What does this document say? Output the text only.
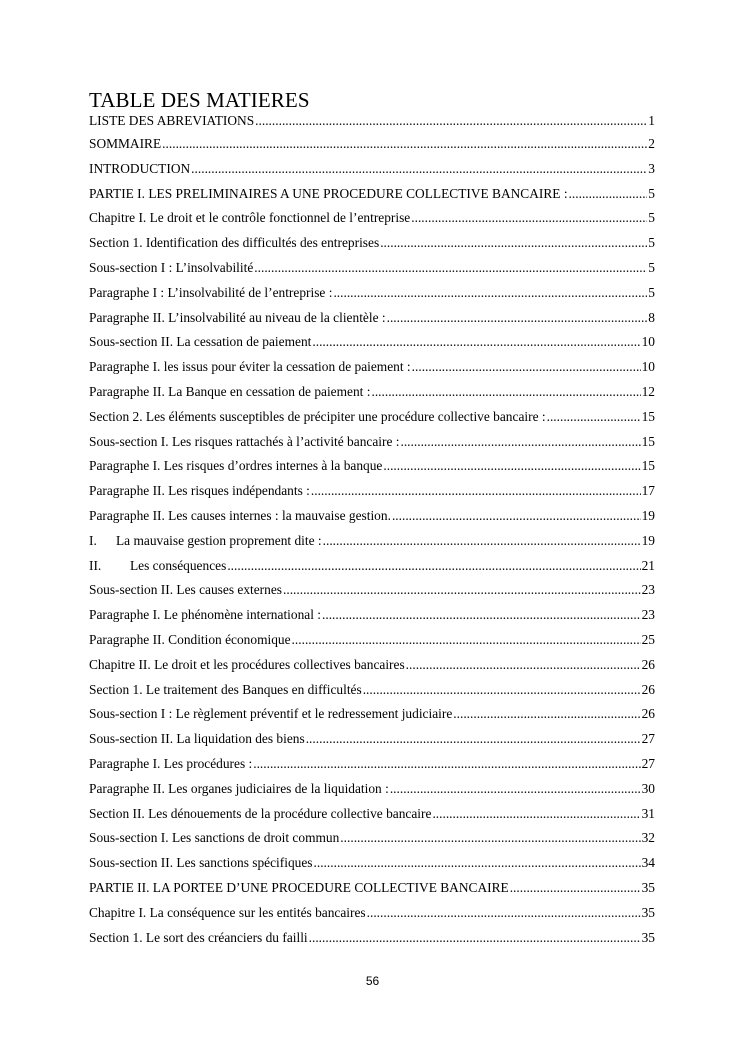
TABLE DES MATIERES
LISTE DES ABREVIATIONS .....	1
SOMMAIRE .....	2
INTRODUCTION .....	3
PARTIE I. LES PRELIMINAIRES A UNE PROCEDURE COLLECTIVE BANCAIRE : .....	5
Chapitre I. Le droit et le contrôle fonctionnel de l’entreprise .....	5
Section 1. Identification des difficultés des entreprises .....	5
Sous-section I : L’insolvabilité .....	5
Paragraphe I : L’insolvabilité de l’entreprise : .....	5
Paragraphe II. L’insolvabilité au niveau de la clientèle : .....	8
Sous-section II. La cessation de paiement .....	10
Paragraphe I. les issus pour éviter la cessation de paiement : .....	10
Paragraphe II. La Banque en cessation de paiement : .....	12
Section 2. Les éléments susceptibles de précipiter une procédure collective bancaire : .....	15
Sous-section I. Les risques rattachés à l’activité bancaire : .....	15
Paragraphe I. Les risques d’ordres internes à la banque .....	15
Paragraphe II. Les risques indépendants : .....	17
Paragraphe II. Les causes internes : la mauvaise gestion. .....	19
I. La mauvaise gestion proprement dite : .....	19
II. Les conséquences .....	21
Sous-section II. Les causes externes .....	23
Paragraphe I. Le phénomène international : .....	23
Paragraphe II. Condition économique .....	25
Chapitre II. Le droit et les procédures collectives bancaires .....	26
Section 1. Le traitement des Banques en difficultés .....	26
Sous-section I : Le règlement préventif et le redressement judiciaire .....	26
Sous-section II. La liquidation des biens .....	27
Paragraphe I. Les procédures : .....	27
Paragraphe II. Les organes judiciaires de la liquidation : .....	30
Section II. Les dénouements de la procédure collective bancaire .....	31
Sous-section I. Les sanctions de droit commun .....	32
Sous-section II. Les sanctions spécifiques .....	34
PARTIE II. LA PORTEE D’UNE PROCEDURE COLLECTIVE BANCAIRE .....	35
Chapitre I. La conséquence sur les entités bancaires .....	35
Section 1. Le sort des créanciers du failli .....	35
56
